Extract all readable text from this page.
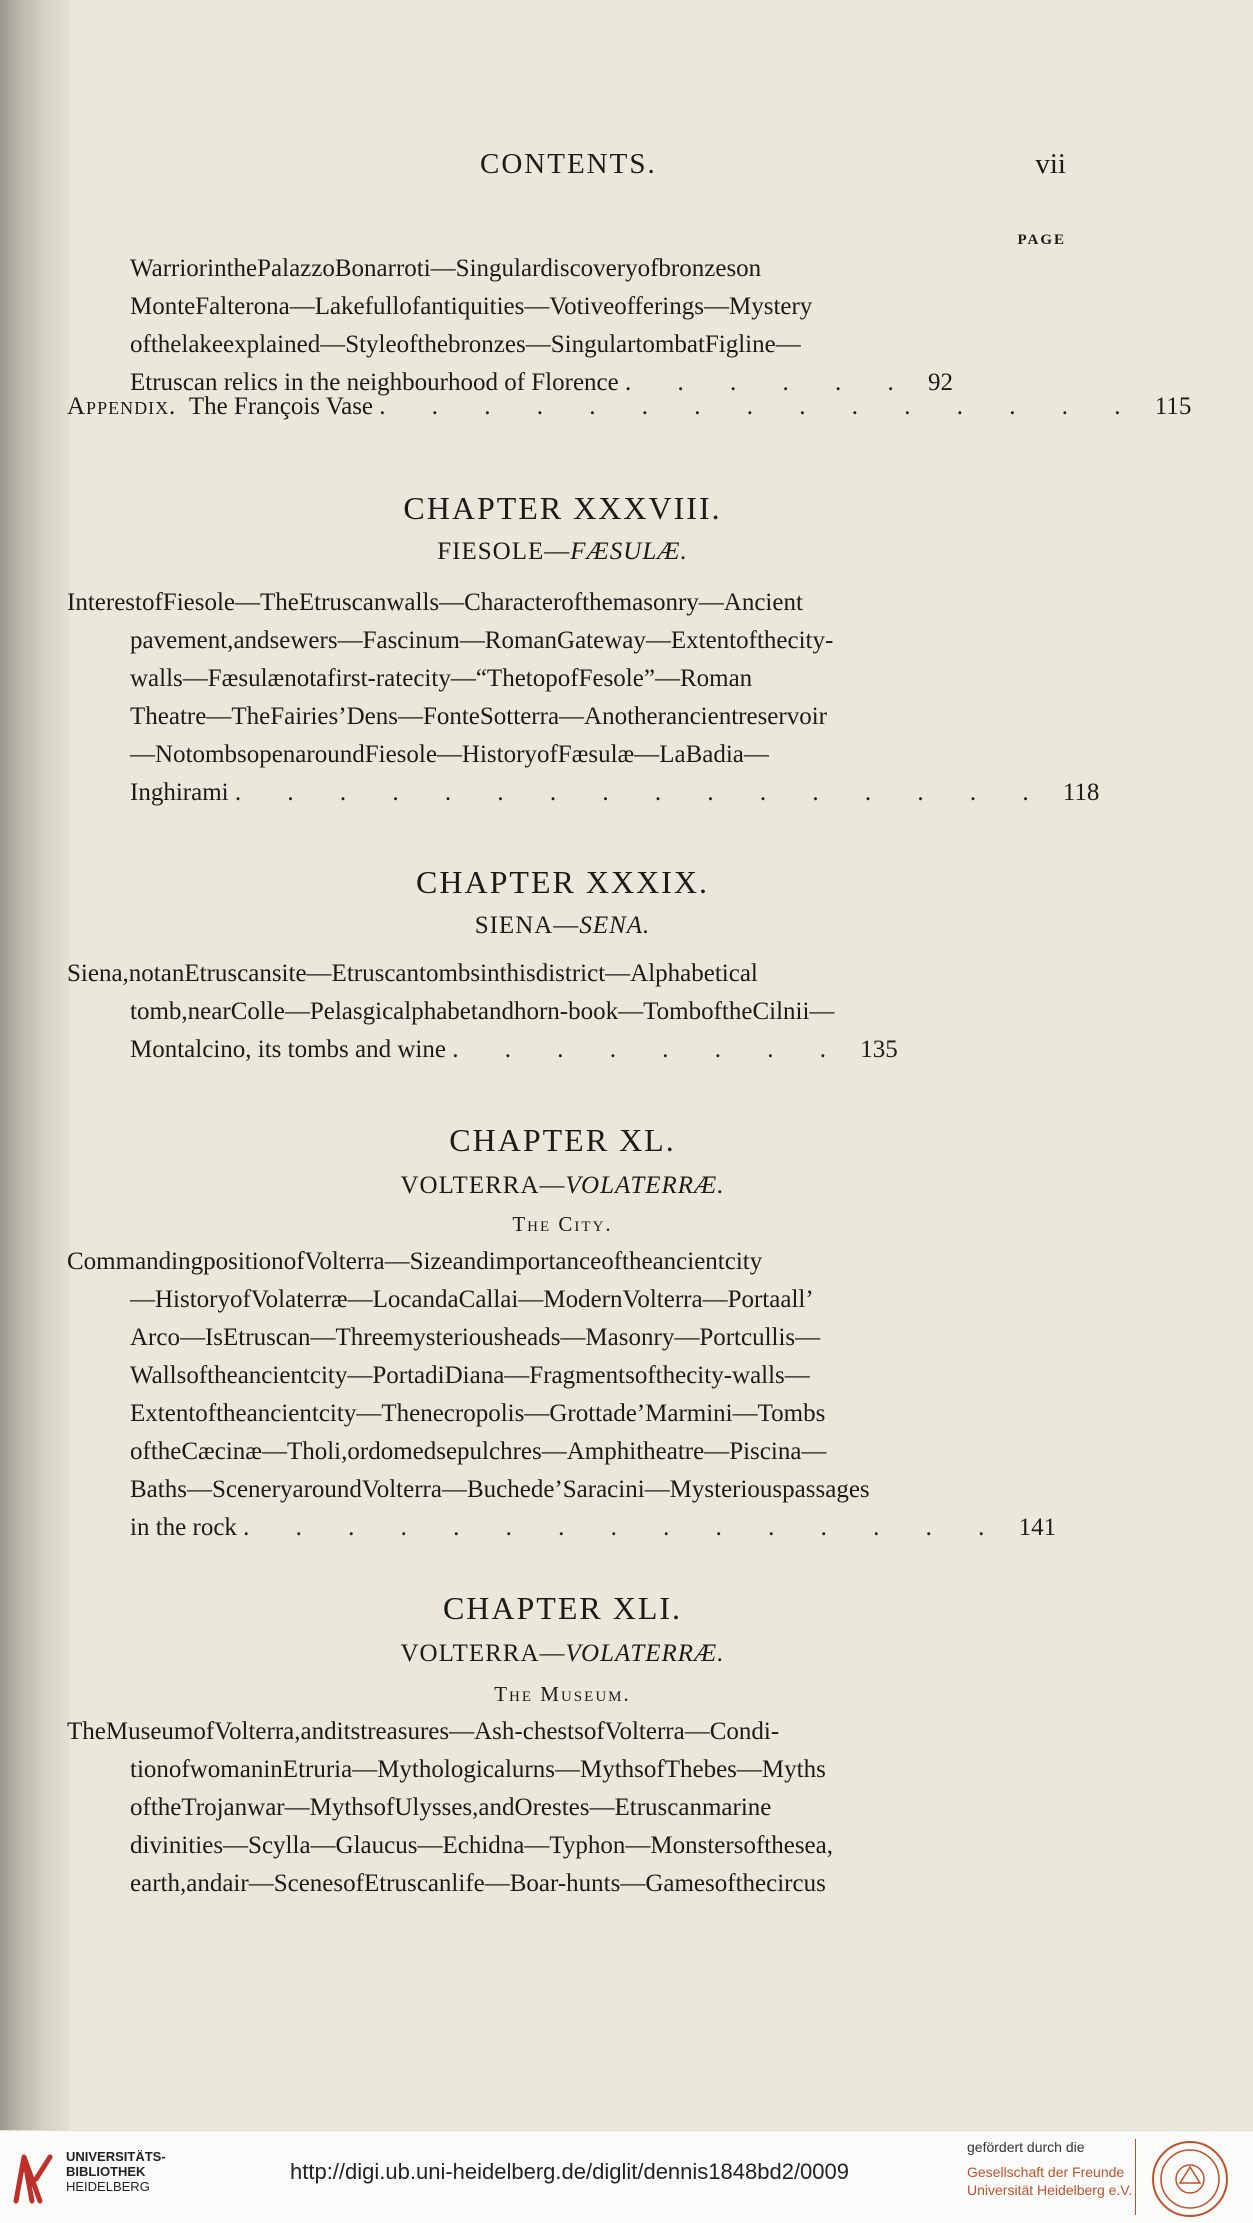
CONTENTS.	vii
PAGE
WarriorinthePalazzoBonarroti—Singulardiscoveryofbronzeson
MonteFalterona—Lakefullofantiquities—Votiveofferings—Mystery
ofthelakeexplained—Styleofthebronzes—SingulartombatFigline—
Etruscan relics in the neighbourhood of Florence . . . . . . 92
Appendix. The François Vase . . . . . . . . . . . . . . . 115
CHAPTER XXXVIII.
FIESOLE—FÆSULÆ.
InterestofFiesole—TheEtruscanwalls—Characterofthemasonry—Ancient
pavement,andsewers—Fascinum—RomanGateway—Extentofthecity-
walls—Fæsulænotafirst-ratecity—“ThetopofFesole”—Roman
Theatre—TheFairies’Dens—FonteSotterra—Anotherancientreservoir
—NotombsopenaroundFiesole—HistoryofFæsulæ—LaBadia—
Inghirami . . . . . . . . . . . . . . . . 118
CHAPTER XXXIX.
SIENA—SENA.
Siena,notanEtruscansite—Etruscantombsinthisdistrict—Alphabetical
tomb,nearColle—Pelasgicalphabetandhorn-book—TomboftheCilnii—
Montalcino, its tombs and wine . . . . . . . . 135
CHAPTER XL.
VOLTERRA—VOLATERRÆ.
The City.
CommandingpositionofVolterra—Sizeandimportanceoftheancientcity
—HistoryofVolaterræ—LocandaCallai—ModernVolterra—Portaall’
Arco—IsEtruscan—Threemysteriousheads—Masonry—Portcullis—
Wallsoftheancientcity—PortadiDiana—Fragmentsofthecity-walls—
Extentoftheancientcity—Thenecropolis—Grottade’Marmini—Tombs
oftheCæcinæ—Tholi,ordomedsepulchres—Amphitheatre—Piscina—
Baths—SceneryaroundVolterra—Buchede’Saracini—Mysteriouspassages
in the rock . . . . . . . . . . . . . . . 141
CHAPTER XLI.
VOLTERRA—VOLATERRÆ.
The Museum.
TheMuseumofVolterra,anditstreasures—Ash-chestsofVolterra—Condi-
tionofwomaninEtruria—Mythologicalurns—MythsofThebes—Myths
oftheTrojanwar—MythsofUlysses,andOrestes—Etruscanmarine
divinities—Scylla—Glaucus—Echidna—Typhon—Monstersofthesea,
earth,andair—ScenesofEtruscanlife—Boar-hunts—Gamesofthecircus
UNIVERSITÄTS-
BIBLIOTHEK
HEIDELBERG
http://digi.ub.uni-heidelberg.de/diglit/dennis1848bd2/0009
gefördert durch die
Gesellschaft der Freunde
Universität Heidelberg e.V.
